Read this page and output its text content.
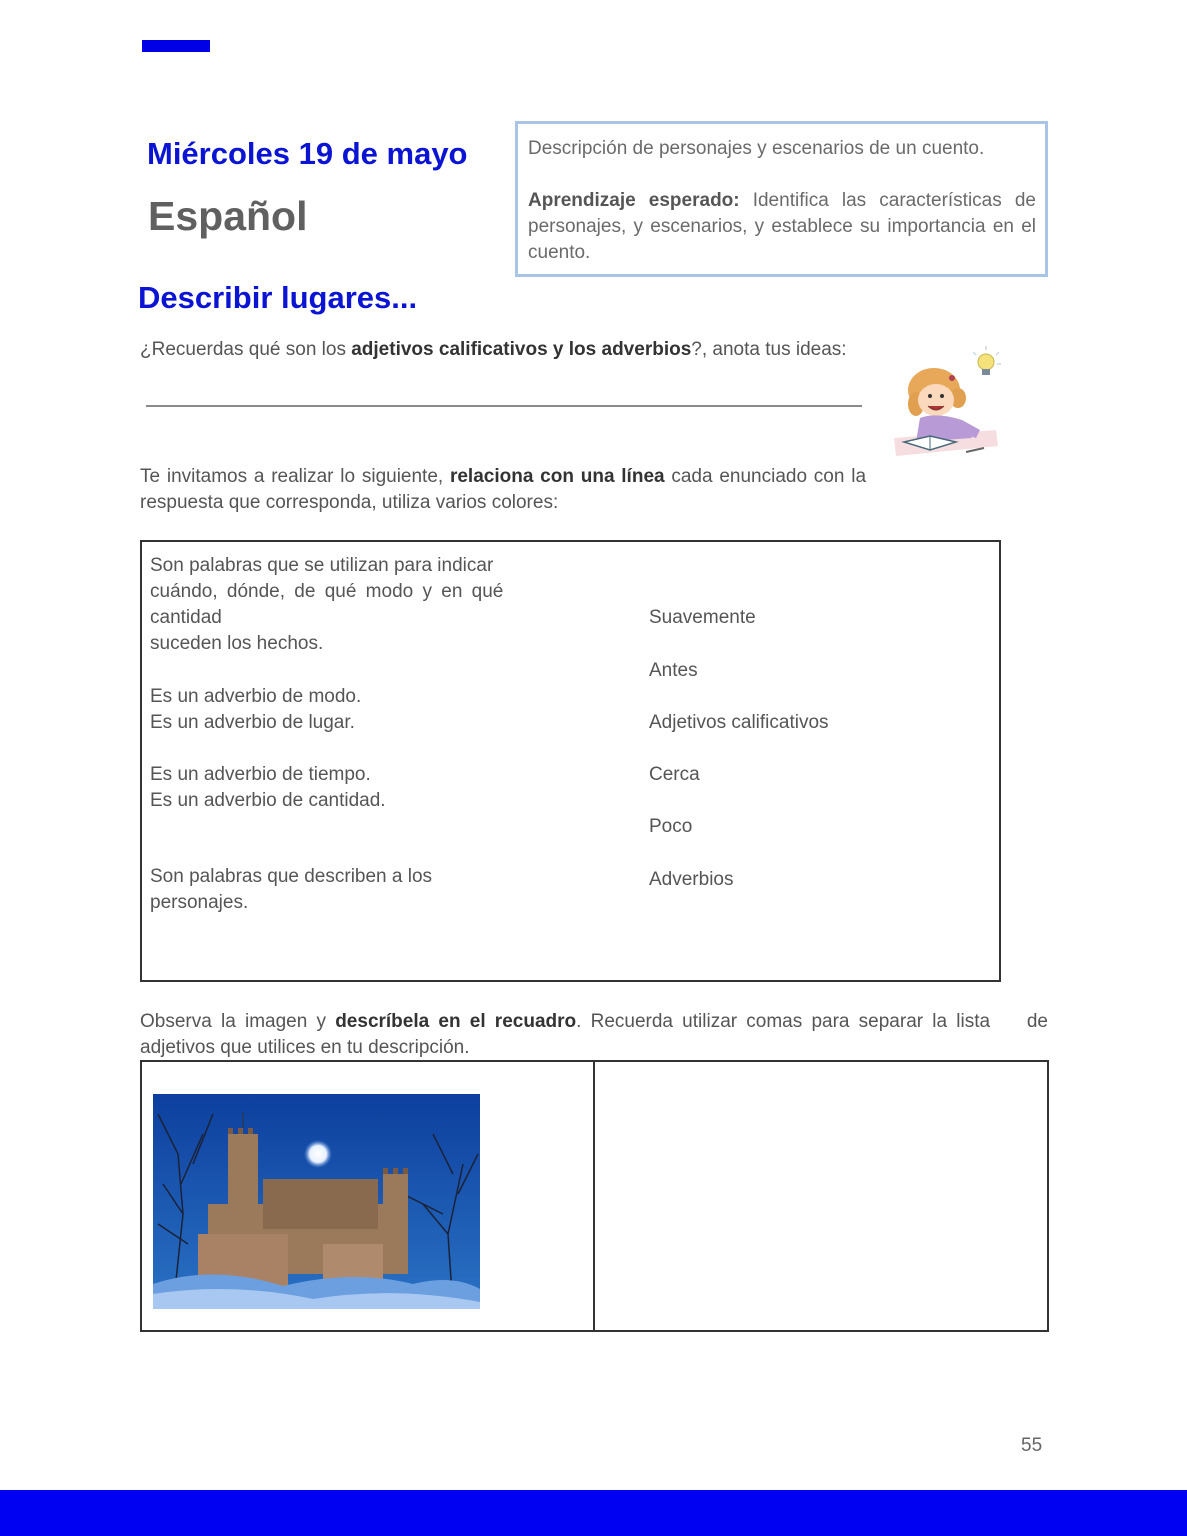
Miércoles 19 de mayo
Español

Descripción de personajes y escenarios de un cuento.

Aprendizaje esperado: Identifica las características de personajes, y escenarios, y establece su importancia en el cuento.

Describir lugares...
¿Recuerdas qué son los adjetivos calificativos y los adverbios?, anota tus ideas:
Te invitamos a realizar lo siguiente, relaciona con una línea cada enunciado con la respuesta que corresponda, utiliza varios colores:
Son palabras que se utilizan para indicar
cuándo, dónde, de qué modo y en qué
cantidad
suceden los hechos.
Es un adverbio de modo.
Es un adverbio de lugar.
Es un adverbio de tiempo.
Es un adverbio de cantidad.
Son palabras que describen a los
personajes.
Suavemente
Antes
Adjetivos calificativos
Cerca
Poco
Adverbios
Observa la imagen y descríbela en el recuadro. Recuerda utilizar comas para separar la lista    de adjetivos que utilices en tu descripción.
55
